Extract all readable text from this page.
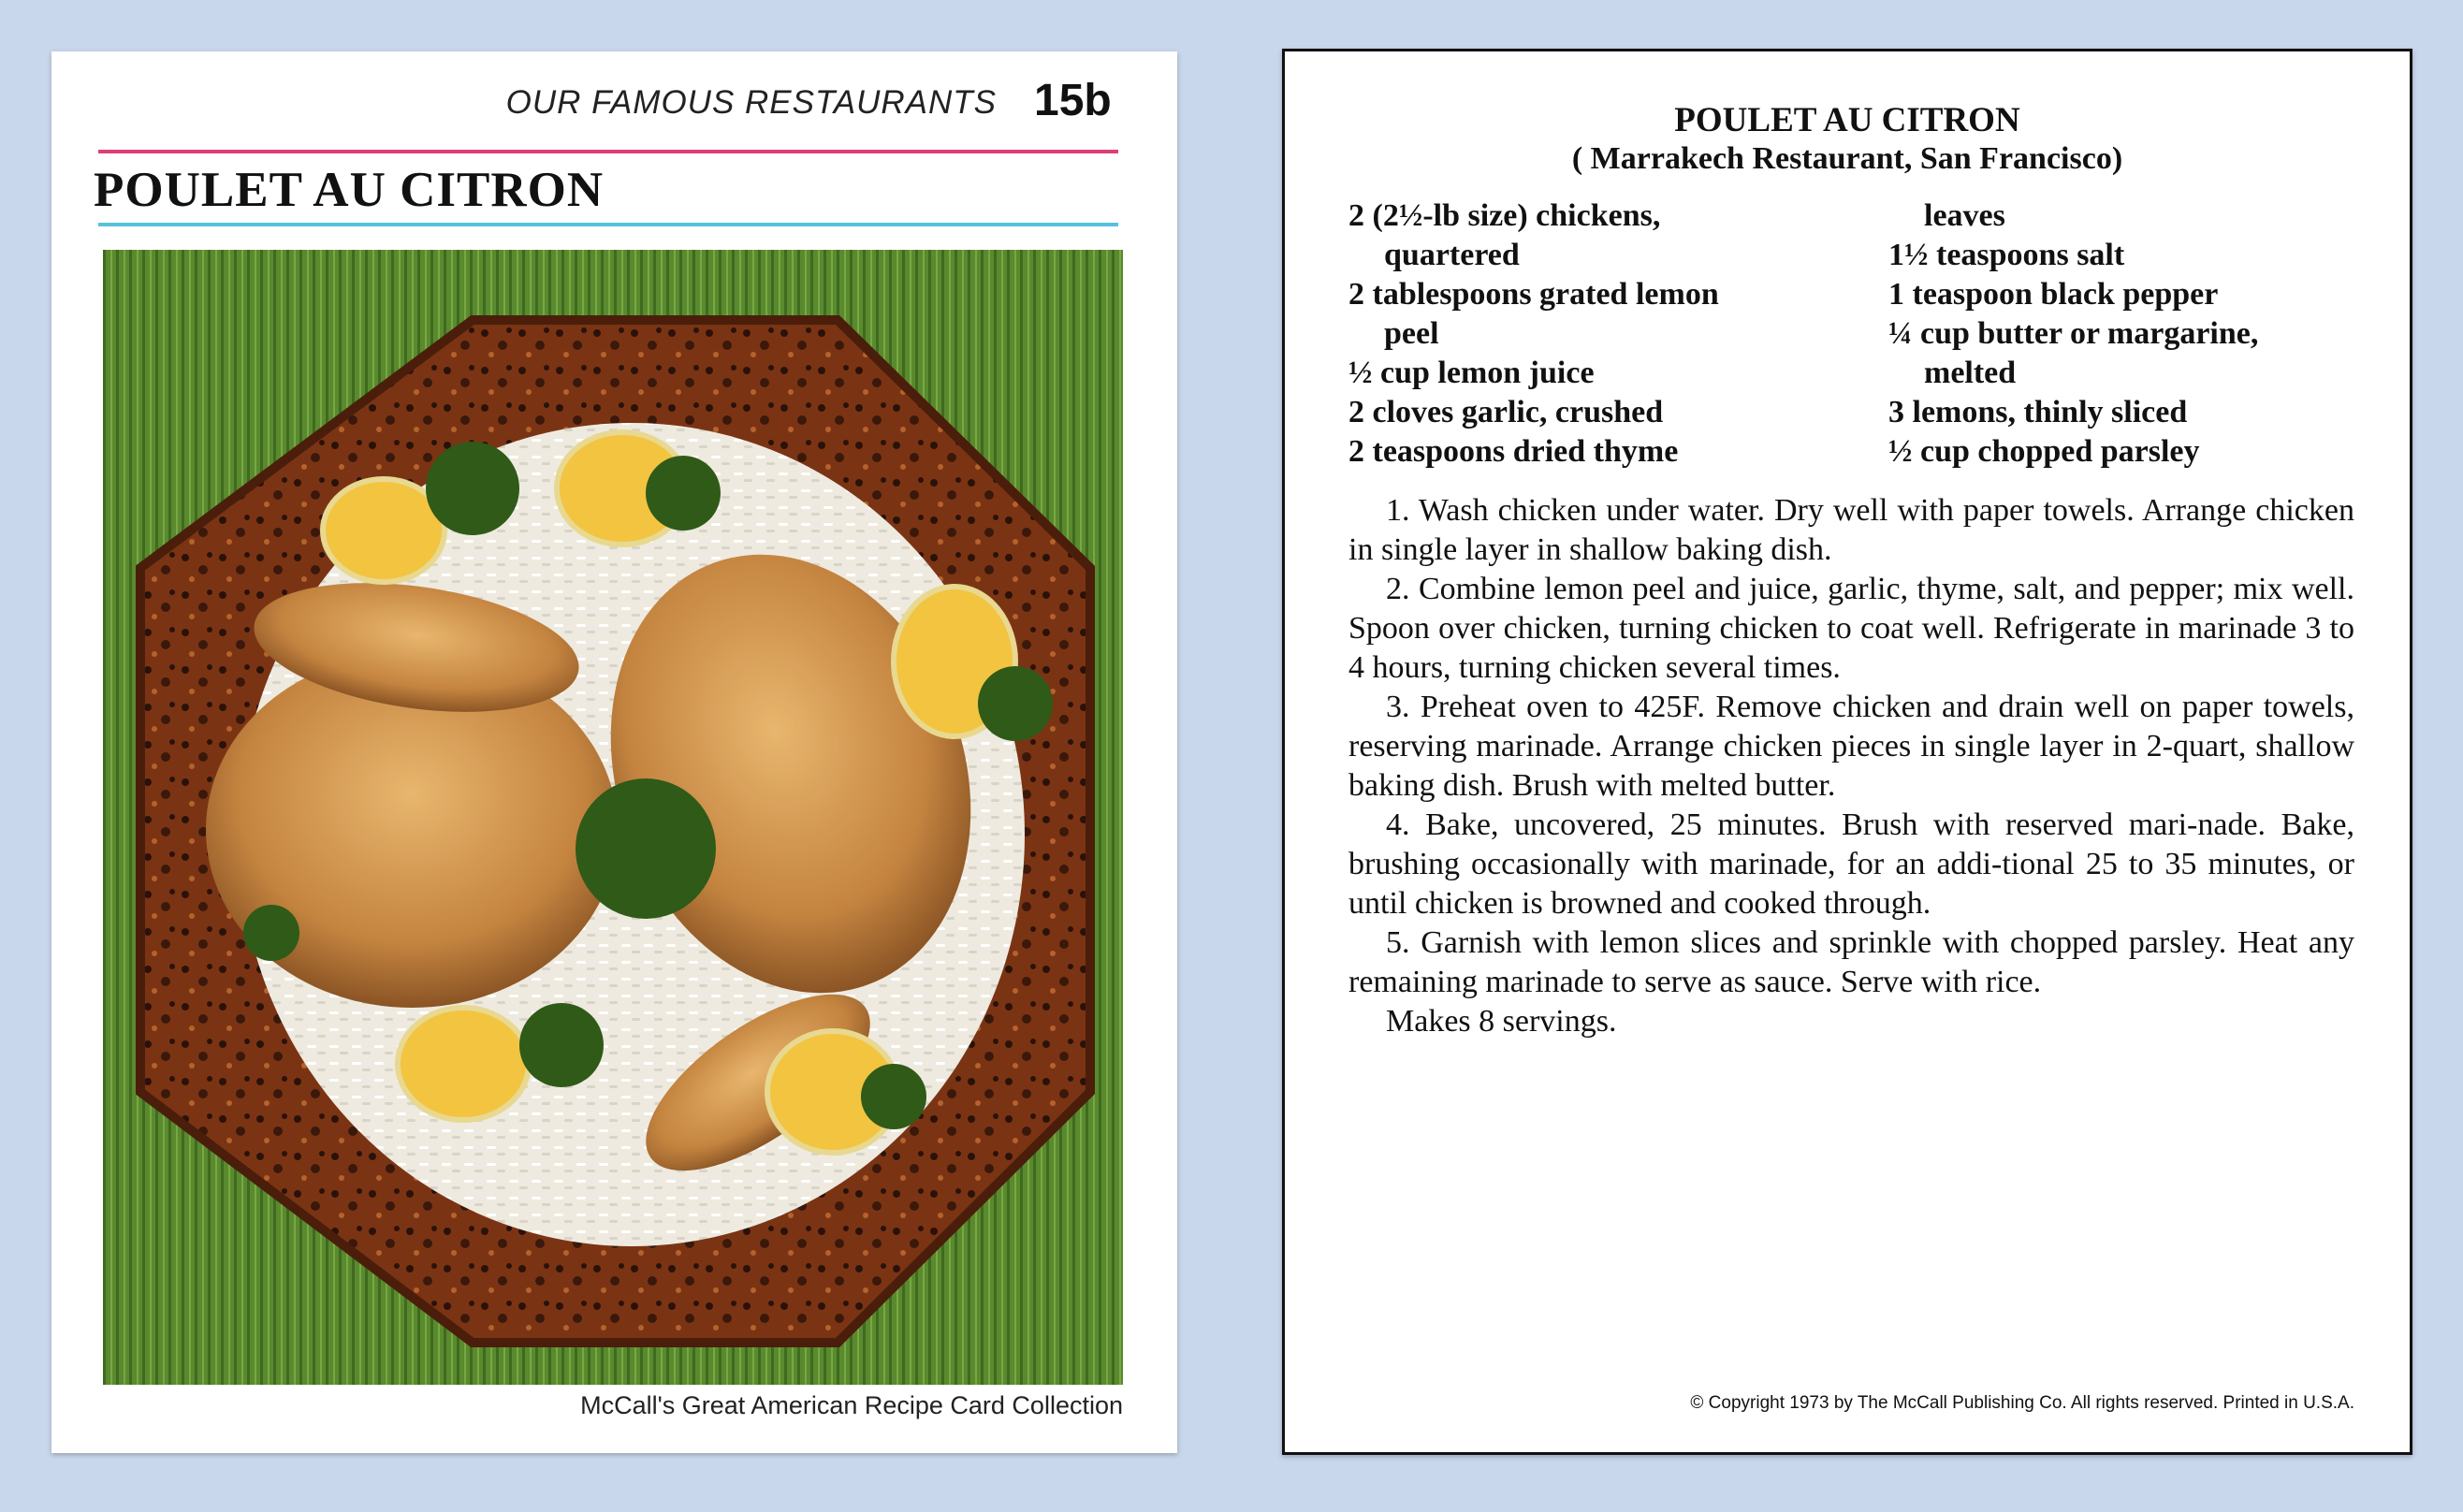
OUR FAMOUS RESTAURANTS 15b
POULET AU CITRON
McCall's Great American Recipe Card Collection
POULET AU CITRON
( Marrakech Restaurant, San Francisco)
2 (2½-lb size) chickens,
quartered
2 tablespoons grated lemon
peel
½ cup lemon juice
2 cloves garlic, crushed
2 teaspoons dried thyme
leaves
1½ teaspoons salt
1 teaspoon black pepper
¼ cup butter or margarine,
melted
3 lemons, thinly sliced
½ cup chopped parsley

1. Wash chicken under water. Dry well with paper towels. Arrange chicken in single layer in shallow baking dish.

2. Combine lemon peel and juice, garlic, thyme, salt, and pepper; mix well. Spoon over chicken, turning chicken to coat well. Refrigerate in marinade 3 to 4 hours, turning chicken several times.

3. Preheat oven to 425F. Remove chicken and drain well on paper towels, reserving marinade. Arrange chicken pieces in single layer in 2-quart, shallow baking dish. Brush with melted butter.

4. Bake, uncovered, 25 minutes. Brush with reserved mari-nade. Bake, brushing occasionally with marinade, for an addi-tional 25 to 35 minutes, or until chicken is browned and cooked through.

5. Garnish with lemon slices and sprinkle with chopped parsley. Heat any remaining marinade to serve as sauce. Serve with rice.

Makes 8 servings.

© Copyright 1973 by The McCall Publishing Co. All rights reserved. Printed in U.S.A.
